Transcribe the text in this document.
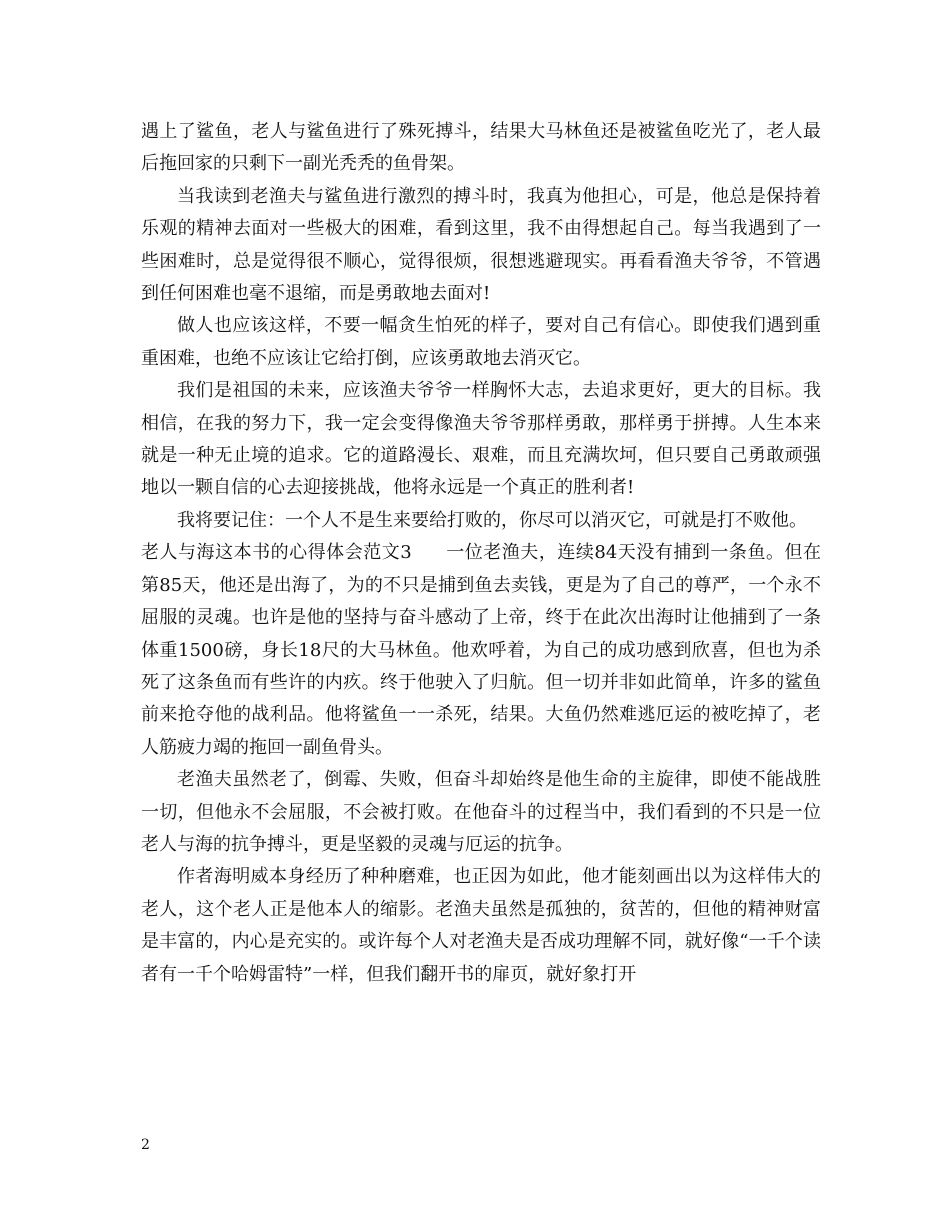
遇上了鲨鱼，老人与鲨鱼进行了殊死搏斗，结果大马林鱼还是被鲨鱼吃光了，老人最后拖回家的只剩下一副光秃秃的鱼骨架。

当我读到老渔夫与鲨鱼进行激烈的搏斗时，我真为他担心，可是，他总是保持着乐观的精神去面对一些极大的困难，看到这里，我不由得想起自己。每当我遇到了一些困难时，总是觉得很不顺心，觉得很烦，很想逃避现实。再看看渔夫爷爷，不管遇到任何困难也毫不退缩，而是勇敢地去面对!

做人也应该这样，不要一幅贪生怕死的样子，要对自己有信心。即使我们遇到重重困难，也绝不应该让它给打倒，应该勇敢地去消灭它。

我们是祖国的未来，应该渔夫爷爷一样胸怀大志，去追求更好，更大的目标。我相信，在我的努力下，我一定会变得像渔夫爷爷那样勇敢，那样勇于拼搏。人生本来就是一种无止境的追求。它的道路漫长、艰难，而且充满坎坷，但只要自己勇敢顽强地以一颗自信的心去迎接挑战，他将永远是一个真正的胜利者!

我将要记住：一个人不是生来要给打败的，你尽可以消灭它，可就是打不败他。

老人与海这本书的心得体会范文3 一位老渔夫，连续84天没有捕到一条鱼。但在第85天，他还是出海了，为的不只是捕到鱼去卖钱，更是为了自己的尊严，一个永不屈服的灵魂。也许是他的坚持与奋斗感动了上帝，终于在此次出海时让他捕到了一条体重1500磅，身长18尺的大马林鱼。他欢呼着，为自己的成功感到欣喜，但也为杀死了这条鱼而有些许的内疚。终于他驶入了归航。但一切并非如此简单，许多的鲨鱼前来抢夺他的战利品。他将鲨鱼一一杀死，结果。大鱼仍然难逃厄运的被吃掉了，老人筋疲力竭的拖回一副鱼骨头。

老渔夫虽然老了，倒霉、失败，但奋斗却始终是他生命的主旋律，即使不能战胜一切，但他永不会屈服，不会被打败。在他奋斗的过程当中，我们看到的不只是一位老人与海的抗争搏斗，更是坚毅的灵魂与厄运的抗争。

作者海明威本身经历了种种磨难，也正因为如此，他才能刻画出以为这样伟大的老人，这个老人正是他本人的缩影。老渔夫虽然是孤独的，贫苦的，但他的精神财富是丰富的，内心是充实的。或许每个人对老渔夫是否成功理解不同，就好像“一千个读者有一千个哈姆雷特”一样，但我们翻开书的扉页，就好象打开

2
